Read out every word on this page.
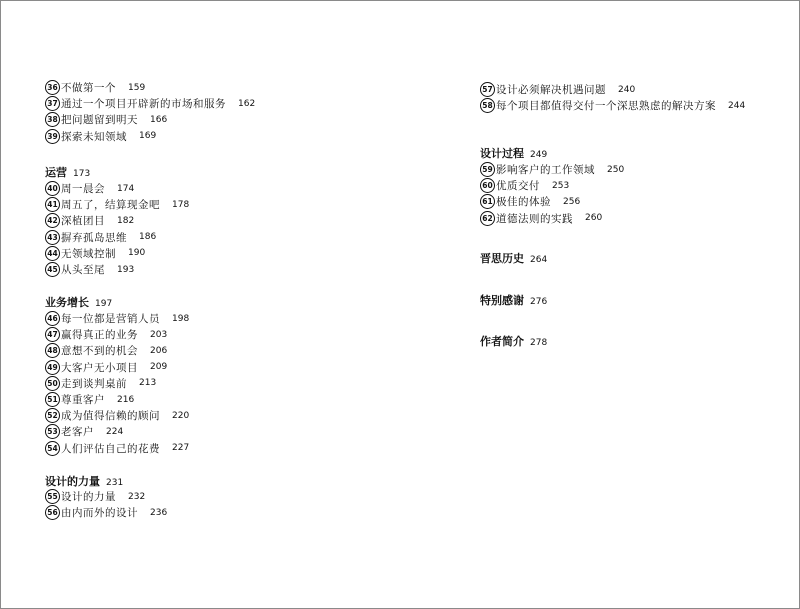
36 不做第一个 159
37 通过一个项目开辟新的市场和服务 162
38 把问题留到明天 166
39 探索未知领域 169
运营 173
40 周一晨会 174
41 周五了，结算现金吧 178
42 深植团目 182
43 摒弃孤岛思维 186
44 无领域控制 190
45 从头至尾 193
业务增长 197
46 每一位都是营销人员 198
47 赢得真正的业务 203
48 意想不到的机会 206
49 大客户无小项目 209
50 走到谈判桌前 213
51 尊重客户 216
52 成为值得信赖的顾问 220
53 老客户 224
54 人们评估自己的花费 227
设计的力量 231
55 设计的力量 232
56 由内而外的设计 236
57 设计必须解决机遇问题 240
58 每个项目都值得交付一个深思熟虑的解决方案 244
设计过程 249
59 影响客户的工作领域 250
60 优质交付 253
61 极佳的体验 256
62 道德法则的实践 260
晋思历史 264
特别感谢 276
作者简介 278
